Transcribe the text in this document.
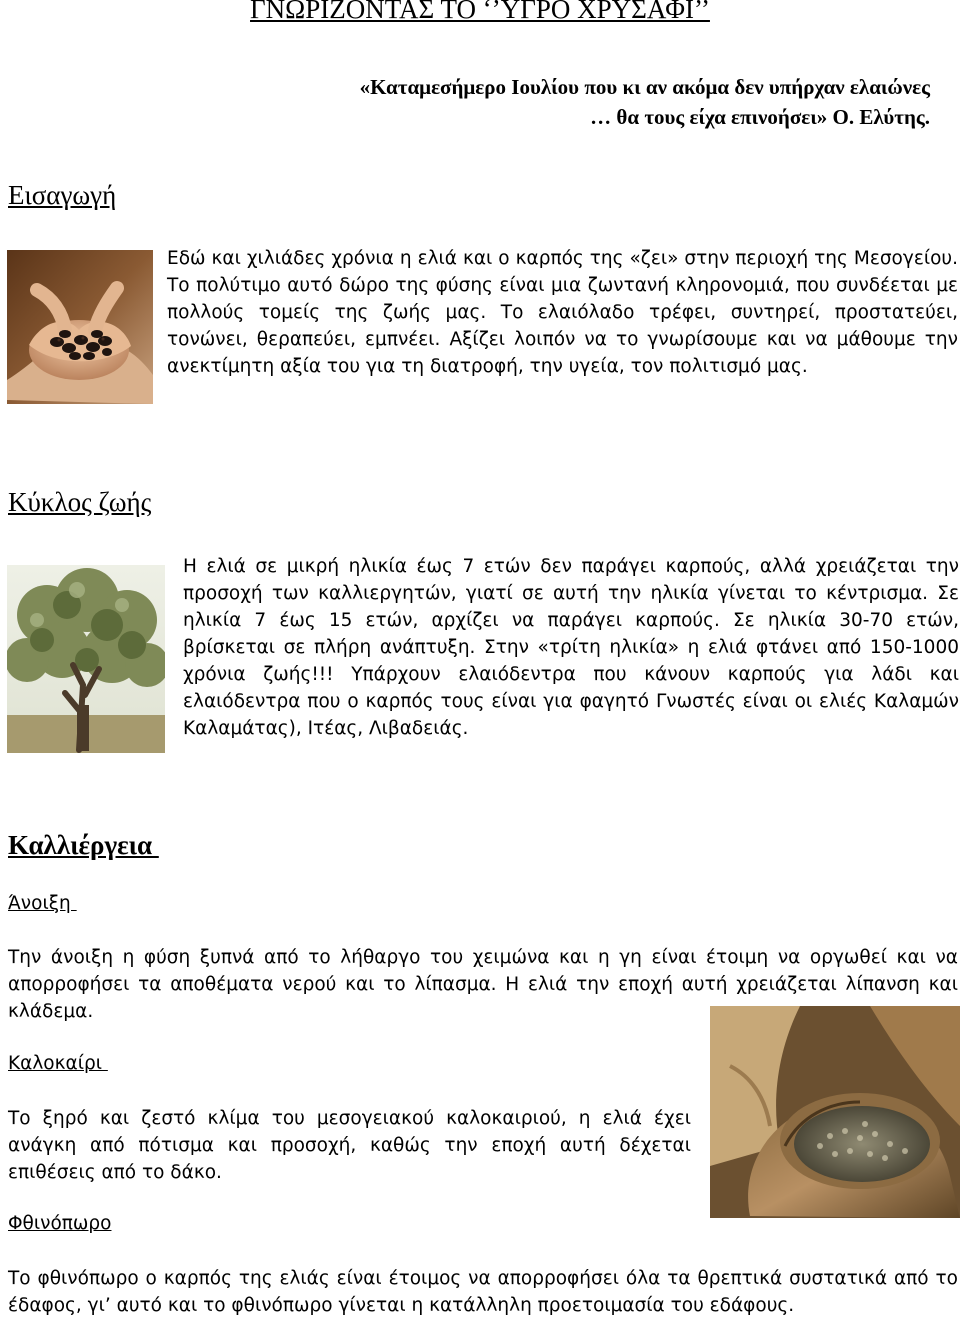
ΓΝΩΡΙΖΟΝΤΑΣ ΤΟ ‘’ΥΓΡΟ ΧΡΥΣΑΦΙ’’
«Καταμεσήμερο Ιουλίου που κι αν ακόμα δεν υπήρχαν ελαιώνες
… θα τους είχα επινοήσει» Ο. Ελύτης.
Εισαγωγή
Εδώ και χιλιάδες χρόνια η ελιά και ο καρπός της «ζει» στην περιοχή της Μεσογείου. Το πολύτιμο αυτό δώρο της φύσης είναι μια ζωντανή κληρονομιά, που συνδέεται με πολλούς τομείς της ζωής μας. Το ελαιόλαδο τρέφει, συντηρεί, προστατεύει, τονώνει, θεραπεύει, εμπνέει. Αξίζει λοιπόν να το γνωρίσουμε και να μάθουμε την ανεκτίμητη αξία του για τη διατροφή, την υγεία, τον πολιτισμό μας.
Κύκλος ζωής
Η ελιά σε μικρή ηλικία έως 7 ετών δεν παράγει καρπούς, αλλά χρειάζεται την προσοχή των καλλιεργητών, γιατί σε αυτή την ηλικία γίνεται το κέντρισμα. Σε ηλικία 7 έως 15 ετών, αρχίζει να παράγει καρπούς. Σε ηλικία 30-70 ετών, βρίσκεται σε πλήρη ανάπτυξη. Στην «τρίτη ηλικία» η ελιά φτάνει από 150-1000 χρόνια ζωής!!! Υπάρχουν ελαιόδεντρα που κάνουν καρπούς για λάδι και ελαιόδεντρα που ο καρπός τους είναι για φαγητό Γνωστές είναι οι ελιές Καλαμών Καλαμάτας), Ιτέας, Λιβαδειάς.
Καλλιέργεια
Άνοιξη
Την άνοιξη η φύση ξυπνά από το λήθαργο του χειμώνα και η γη είναι έτοιμη να οργωθεί και να απορροφήσει τα αποθέματα νερού και το λίπασμα. Η ελιά την εποχή αυτή χρειάζεται λίπανση και κλάδεμα.
Καλοκαίρι
Το ξηρό και ζεστό κλίμα του μεσογειακού καλοκαιριού, η ελιά έχει ανάγκη από πότισμα και προσοχή, καθώς την εποχή αυτή δέχεται επιθέσεις από το δάκο.
Φθινόπωρο
Το φθινόπωρο ο καρπός της ελιάς είναι έτοιμος να απορροφήσει όλα τα θρεπτικά συστατικά από το έδαφος, γι’ αυτό και το φθινόπωρο γίνεται η κατάλληλη προετοιμασία του εδάφους.
